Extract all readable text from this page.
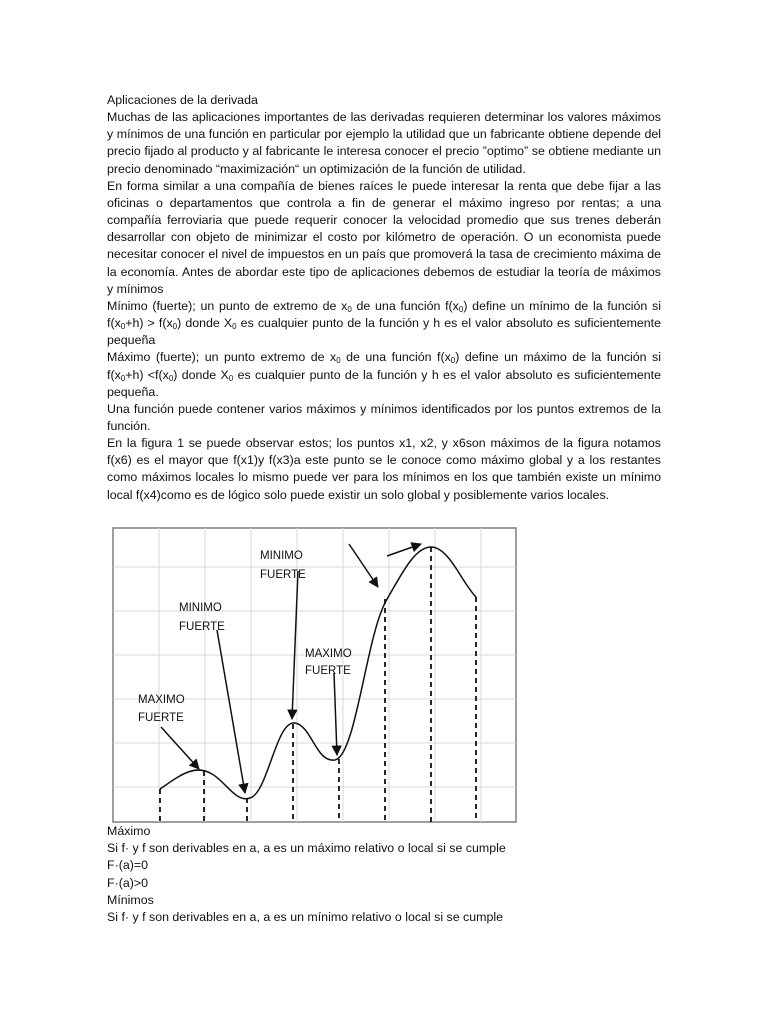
Aplicaciones de la derivada

Muchas de las aplicaciones importantes de las derivadas requieren determinar los valores máximos y mínimos de una función en particular por ejemplo la utilidad que un fabricante obtiene depende del precio fijado al producto y al fabricante le interesa conocer el precio ”optimo” se obtiene mediante un precio denominado “maximización“ un optimización de la función de utilidad.

En forma similar a una compañía de bienes raíces le puede interesar la renta que debe fijar a las oficinas o departamentos que controla a fin de generar el máximo ingreso por rentas; a una compañía ferroviaria que puede requerir conocer la velocidad promedio que sus trenes deberán desarrollar con objeto de minimizar el costo por kilómetro de operación. O un economista puede necesitar conocer el nivel de impuestos en un país que promoverá la tasa de crecimiento máxima de la economía. Antes de abordar este tipo de aplicaciones debemos de estudiar la teoría de máximos y mínimos

Mínimo (fuerte); un punto de extremo de $x_0$ de una función $f(x_0)$ define un mínimo de la función si $f(x_0+h) > f(x_0)$ donde $X_0$ es cualquier punto de la función y h es el valor absoluto es suficientemente pequeña

Máximo (fuerte); un punto extremo de $x_0$ de una función $f(x_0)$ define un máximo de la función si $f(x_0+h) <f(x_0)$ donde $X_0$ es cualquier punto de la función y h es el valor absoluto es suficientemente pequeña.

Una función puede contener varios máximos y mínimos identificados por los puntos extremos de la función.

En la figura 1 se puede observar estos; los puntos x1, x2, y x6son máximos de la figura notamos f(x6) es el mayor que f(x1)y f(x3)a este punto se le conoce como máximo global y a los restantes como máximos locales lo mismo puede ver para los mínimos en los que también existe un mínimo local f(x4)como es de lógico solo puede existir un solo global y posiblemente varios locales.

MINIMO
FUERTE
MINIMO
FUERTE
MAXIMO
FUERTE
MAXIMO
FUERTE

Máximo

Si f· y f son derivables en a, a es un máximo relativo o local si se cumple

F·(a)=0

F·(a)>0

Mínimos

Si f· y f son derivables en a, a es un mínimo relativo o local si se cumple
